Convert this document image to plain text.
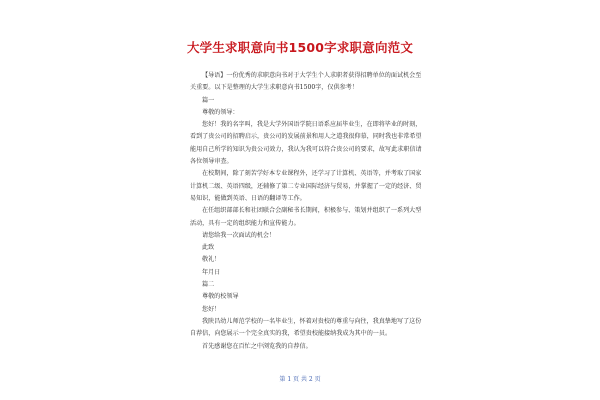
大学生求职意向书1500字求职意向范文

【导语】一份优秀的求职意向书对于大学生个人求职者获得招聘单位的面试机会至关重要。以下是整理的大学生求职意向书1500字，仅供参考！

篇一

尊敬的领导：

您好！我的名字叫，我是大学外国语学院日语系应届毕业生，在即将毕业的时刻，看到了贵公司的招聘启示，贵公司的发展前景和用人之道我很仰慕，同时我也非常希望能用自己所学的知识为贵公司效力，我认为我可以符合贵公司的要求，故写此求职信请各位领导审查。

在校期间，除了刻苦学好本专业课程外，还学习了计算机、英语等，并考取了国家计算机二级、英语四级，还辅修了第二专业国际经济与贸易，并掌握了一定的经济、贸易知识，能做到英语、日语的翻译等工作。

在任组织部部长和社团联合会副秘书长期间，积极参与、策划并组织了一系列大型活动，具有一定的组织能力和宣传能力。

请您给我一次面试的机会！

此致

敬礼！

年月日

篇二

尊敬的校领导

您好！

我陕昌幼儿师范学校的一名毕业生，怀着对贵校的尊重与向往，我真挚地写了这份自荐信，向您展示一个完全真实的我，希望贵校能接纳我成为其中的一员。

首先感谢您在百忙之中浏览我的自荐信。

第 1 页 共 2 页
